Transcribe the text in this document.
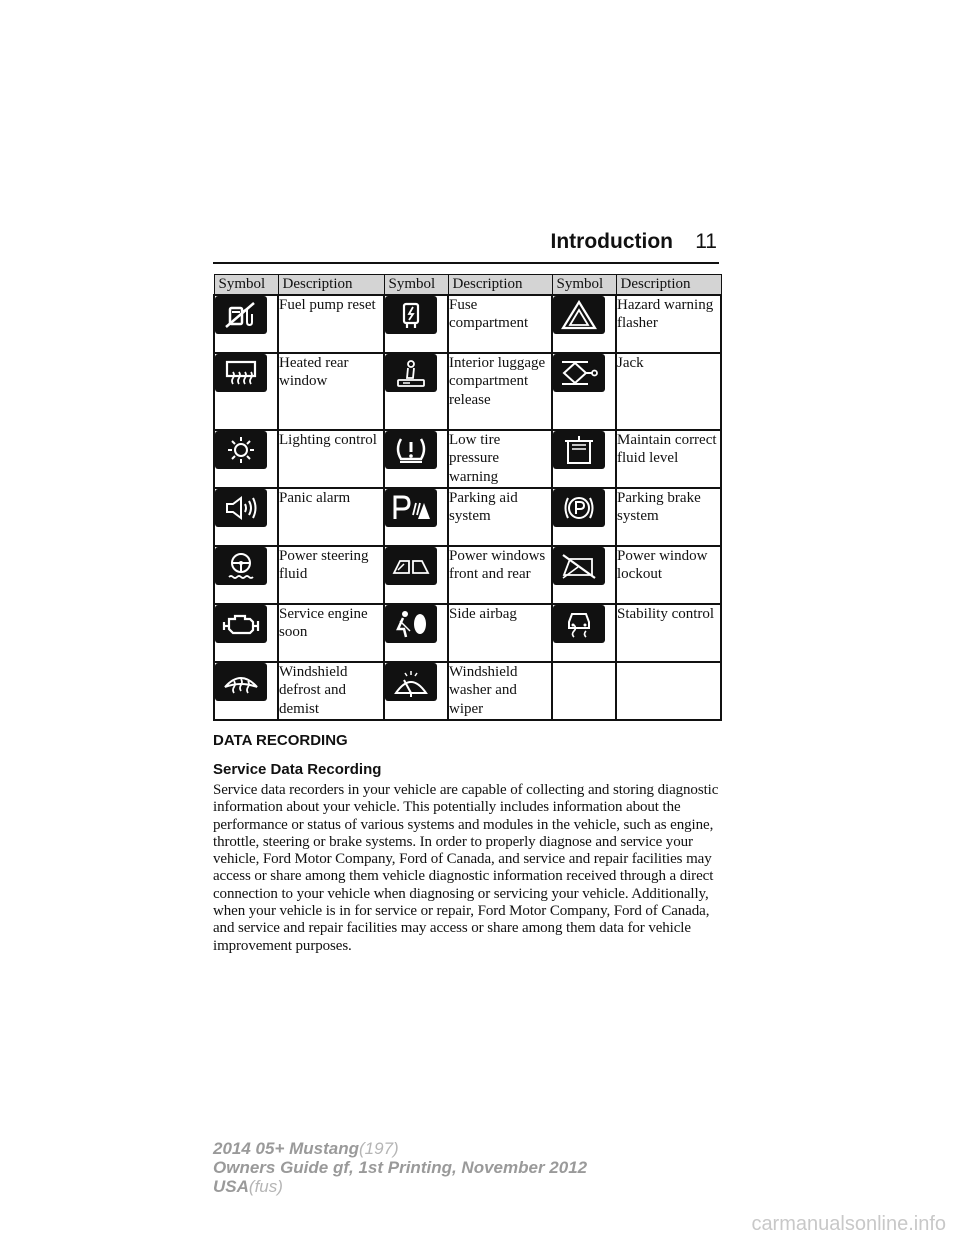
Introduction 11
Symbol	Description	Symbol	Description	Symbol	Description

	Fuel pump reset		Fuse compartment		Hazard warning flasher

	Heated rear window		Interior luggage compartment release		Jack

	Lighting control		Low tire pressure warning		Maintain correct fluid level

	Panic alarm		Parking aid system		Parking brake system

	Power steering fluid		Power windows front and rear		Power window lockout

	Service engine soon		Side airbag		Stability control

	Windshield defrost and demist		Windshield washer and wiper		
DATA RECORDING
Service Data Recording

Service data recorders in your vehicle are capable of collecting and storing diagnostic information about your vehicle. This potentially includes information about the performance or status of various systems and modules in the vehicle, such as engine, throttle, steering or brake systems. In order to properly diagnose and service your vehicle, Ford Motor Company, Ford of Canada, and service and repair facilities may access or share among them vehicle diagnostic information received through a direct connection to your vehicle when diagnosing or servicing your vehicle. Additionally, when your vehicle is in for service or repair, Ford Motor Company, Ford of Canada, and service and repair facilities may access or share among them data for vehicle improvement purposes.

2014 05+ Mustang(197)
Owners Guide gf, 1st Printing, November 2012
USA(fus)
carmanualsonline.info
